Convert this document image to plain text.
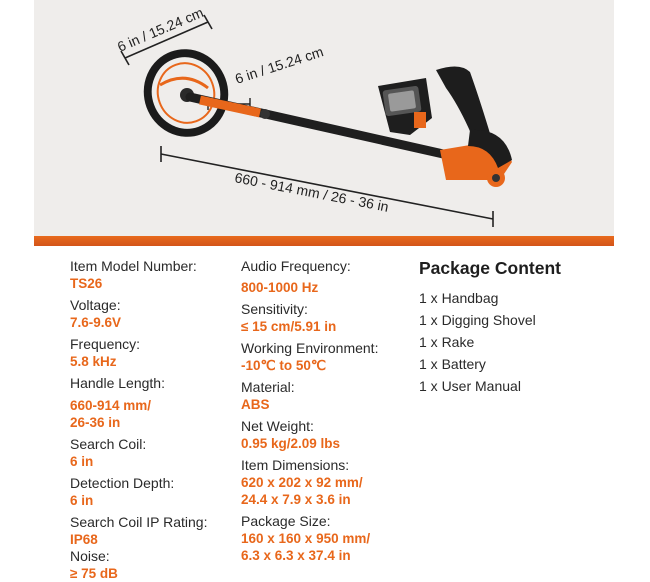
6 in / 15.24 cm
6 in / 15.24 cm
660 - 914 mm / 26 - 36 in
Item Model Number:
TS26
Voltage:
7.6-9.6V
Frequency:
5.8 kHz
Handle Length:
660-914 mm/ 26-36 in
Search Coil:
6 in
Detection Depth:
6 in
Search Coil IP Rating:
IP68
Noise:
≥ 75 dB
Audio Frequency:
800-1000 Hz
Sensitivity:
≤ 15 cm/5.91 in
Working Environment:
-10℃ to 50℃
Material:
ABS
Net Weight:
0.95 kg/2.09 lbs
Item Dimensions:
620 x 202 x 92 mm/ 24.4 x 7.9 x 3.6 in
Package Size:
160 x 160 x 950 mm/ 6.3 x 6.3 x 37.4 in
Package Content
1 x Handbag
1 x Digging Shovel
1 x Rake
1 x Battery
1 x User Manual
